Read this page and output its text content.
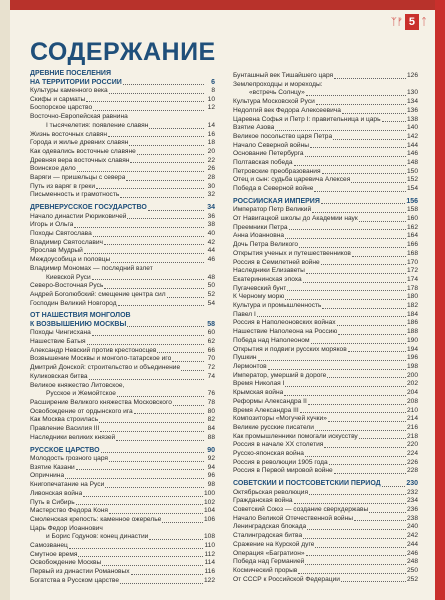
ᛉᚠ 5 ᛏ
СОДЕРЖАНИЕ
ДРЕВНИЕ ПОСЕЛЕНИЯ
НА ТЕРРИТОРИИ РОССИИ	6
Культуры каменного века	8
Скифы и сарматы	10
Боспорское царство	12
Восточно-Европейская равнина
I тысячелетия: появление славян	14
Жизнь восточных славян	16
Города и жилье древних славян	18
Как одевались восточные славяне	20
Древняя вера восточных славян	22
Воинское дело	26
Варяги — пришельцы с севера	28
Путь из варяг в греки	30
Письменность и грамотность	32
ДРЕВНЕРУССКОЕ ГОСУДАРСТВО	34
Начало династии Рюриковичей	36
Игорь и Ольга	38
Походы Святослава	40
Владимир Святославич	42
Ярослав Мудрый	44
Междоусобица и половцы	46
Владимир Мономах — последний взлет
Киевской Руси	48
Северо-Восточная Русь	50
Андрей Боголюбский: смещение центра сил	52
Господин Великий Новгород	54
ОТ НАШЕСТВИЯ МОНГОЛОВ
К ВОЗВЫШЕНИЮ МОСКВЫ	58
Походы Чингисхана	60
Нашествие Батыя	62
Александр Невский против крестоносцев	66
Возвышение Москвы и монголо-татарское иго	70
Дмитрий Донской: строительство и объединение	72
Куликовская битва	74
Великое княжество Литовское,
Русское и Жемойтское	76
Расширение Великого княжества Московского	78
Освобождение от ордынского ига	80
Как Москва строилась	82
Правление Василия III	84
Наследники великих князей	88
РУССКОЕ ЦАРСТВО	90
Молодость грозного царя	92
Взятие Казани	94
Опричнина	96
Книгопечатание на Руси	98
Ливонская война	100
Путь в Сибирь	102
Мастерство Федора Коня	104
Смоленская крепость: каменное ожерелье	106
Царь Федор Иоаннович
и Борис Годунов: конец династии	108
Самозванец	110
Смутное время	112
Освобождение Москвы	114
Первый из династии Романовых	116
Богатства в Русском царстве	122
Бунташный век Тишайшего царя	126
Землепроходцы и мореходы:
«встречь Солнцу»	130
Культура Московской Руси	134
Недолгий век Федора Алексеевича	136
Царевна Софья и Петр I: правительница и царь	138
Взятие Азова	140
Великое посольство царя Петра	142
Начало Северной войны	144
Основание Петербурга	146
Полтавская победа	148
Петровские преобразования	150
Отец и сын: судьба царевича Алексея	152
Победа в Северной войне	154
РОССИЙСКАЯ ИМПЕРИЯ	156
Император Петр Великий	158
От Навигацкой школы до Академии наук	160
Преемники Петра	162
Анна Иоанновна	164
Дочь Петра Великого	166
Открытия ученых и путешественников	168
Россия в Семилетней войне	170
Наследники Елизаветы	172
Екатерининская эпоха	174
Пугачевский бунт	178
К Черному морю	180
Культура и промышленность	182
Павел I	184
Россия в Наполеоновских войнах	186
Нашествие Наполеона на Россию	188
Победа над Наполеоном	190
Открытия и подвиги русских моряков	194
Пушкин	196
Лермонтов	198
Император, умерший в дороге	200
Время Николая I	202
Крымская война	204
Реформы Александра II	208
Время Александра III	210
Композиторы «Могучей кучки»	214
Великие русские писатели	216
Как промышленники помогали искусству	218
Россия в начале XX столетия	220
Русско-японская война	224
Россия в революции 1905 года	226
Россия в Первой мировой войне	228
СОВЕТСКИЙ И ПОСТСОВЕТСКИЙ ПЕРИОД	230
Октябрьская революция	232
Гражданская война	234
Советский Союз — создание сверхдержавы	236
Начало Великой Отечественной войны	238
Ленинградская блокада	240
Сталинградская битва	242
Сражение на Курской дуге	244
Операция «Багратион»	246
Победа над Германией	248
Космический прорыв	250
От СССР к Российской Федерации	252
